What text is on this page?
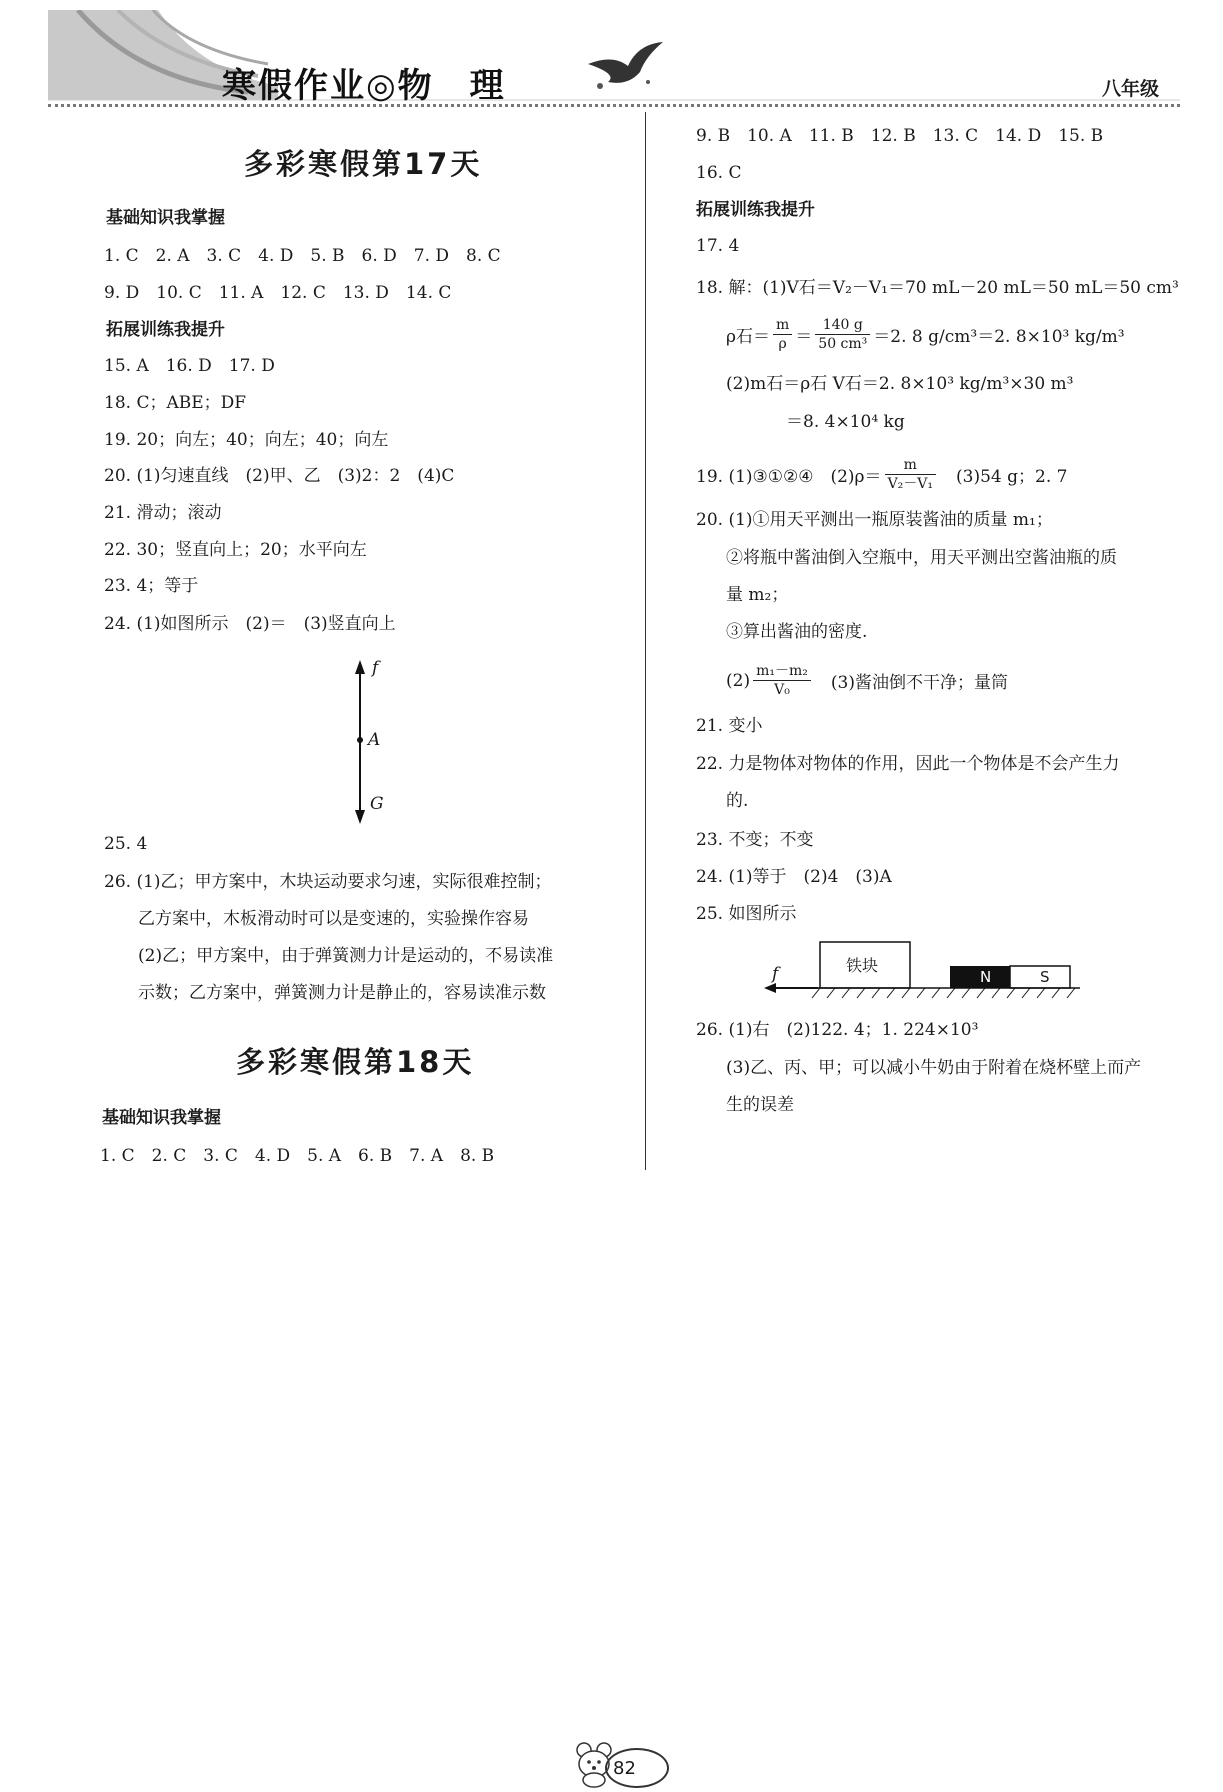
寒假作业◎物　理	八年级
多彩寒假第17天
基础知识我掌握
1. C　2. A　3. C　4. D　5. B　6. D　7. D　8. C
9. D　10. C　11. A　12. C　13. D　14. C
拓展训练我提升
15. A　16. D　17. D
18. C；ABE；DF
19. 20；向左；40；向左；40；向左
20. (1)匀速直线　(2)甲、乙　(3)2：2　(4)C
21. 滑动；滚动
22. 30；竖直向上；20；水平向左
23. 4；等于
24. (1)如图所示　(2)＝　(3)竖直向上
f
A
G
25. 4
26. (1)乙；甲方案中，木块运动要求匀速，实际很难控制；
乙方案中，木板滑动时可以是变速的，实验操作容易
(2)乙；甲方案中，由于弹簧测力计是运动的，不易读准
示数；乙方案中，弹簧测力计是静止的，容易读准示数
多彩寒假第18天
基础知识我掌握
1. C　2. C　3. C　4. D　5. A　6. B　7. A　8. B
9. B　10. A　11. B　12. B　13. C　14. D　15. B
16. C
拓展训练我提升
17. 4
18. 解：(1)V石＝V₂－V₁＝70 mL－20 mL＝50 mL＝50 cm³
ρ石＝ $\frac{m}{\rho} = \frac{140 g}{\text{50 cm³}} =2$. 8 g/cm³＝2. 8×10³ kg/m³
(2)m石＝ρ石 V石＝2. 8×10³ kg/m³×30 m³
＝8. 4×10⁴ kg
19. (1)③①②④　$(2)\rho= \frac{m}{\text{V₂－V₁}}$ 　(3)54 g；2. 7
20. (1)①用天平测出一瓶原装酱油的质量 m₁；
②将瓶中酱油倒入空瓶中，用天平测出空酱油瓶的质
量 m₂；
③算出酱油的密度.
$(2) \frac{\text{m₁－m₂}}{\text{V₀}}$ 　(3)酱油倒不干净；量筒
21. 变小
22. 力是物体对物体的作用，因此一个物体是不会产生力
的.
23. 不变；不变
24. (1)等于　(2)4　(3)A
25. 如图所示
铁块
N	S
f
26. (1)右　(2)122. 4；1. 224×10³
(3)乙、丙、甲；可以减小牛奶由于附着在烧杯壁上而产
生的误差
82
